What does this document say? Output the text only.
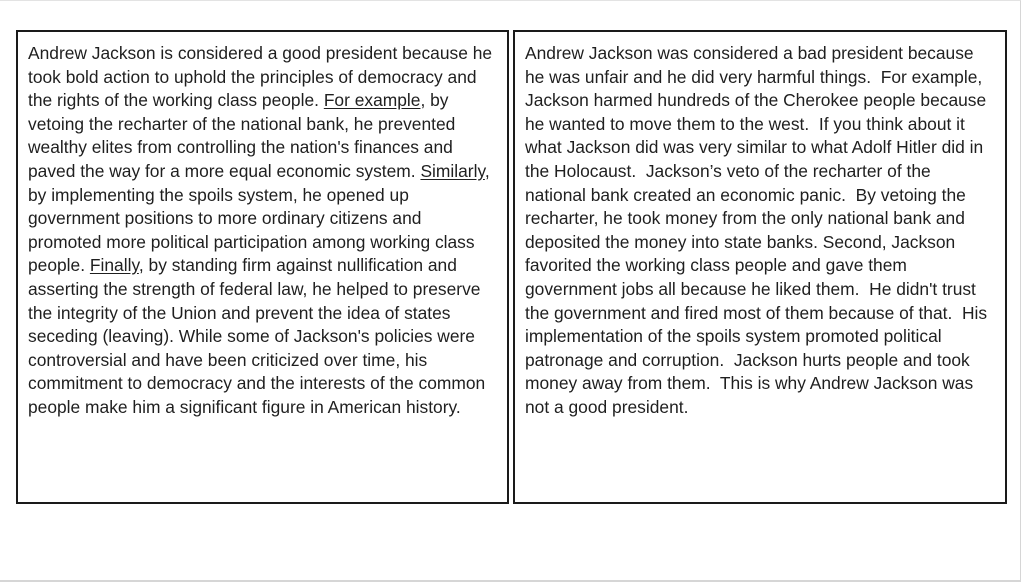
Andrew Jackson is considered a good president because he took bold action to uphold the principles of democracy and the rights of the working class people. For example, by vetoing the recharter of the national bank, he prevented wealthy elites from controlling the nation's finances and paved the way for a more equal economic system. Similarly, by implementing the spoils system, he opened up government positions to more ordinary citizens and promoted more political participation among working class people. Finally, by standing firm against nullification and asserting the strength of federal law, he helped to preserve the integrity of the Union and prevent the idea of states seceding (leaving). While some of Jackson's policies were controversial and have been criticized over time, his commitment to democracy and the interests of the common people make him a significant figure in American history.

Andrew Jackson was considered a bad president because he was unfair and he did very harmful things.  For example, Jackson harmed hundreds of the Cherokee people because he wanted to move them to the west.  If you think about it what Jackson did was very similar to what Adolf Hitler did in the Holocaust.  Jackson’s veto of the recharter of the national bank created an economic panic.  By vetoing the recharter, he took money from the only national bank and deposited the money into state banks. Second, Jackson favorited the working class people and gave them government jobs all because he liked them.  He didn't trust the government and fired most of them because of that.  His implementation of the spoils system promoted political patronage and corruption.  Jackson hurts people and took money away from them.  This is why Andrew Jackson was not a good president.
